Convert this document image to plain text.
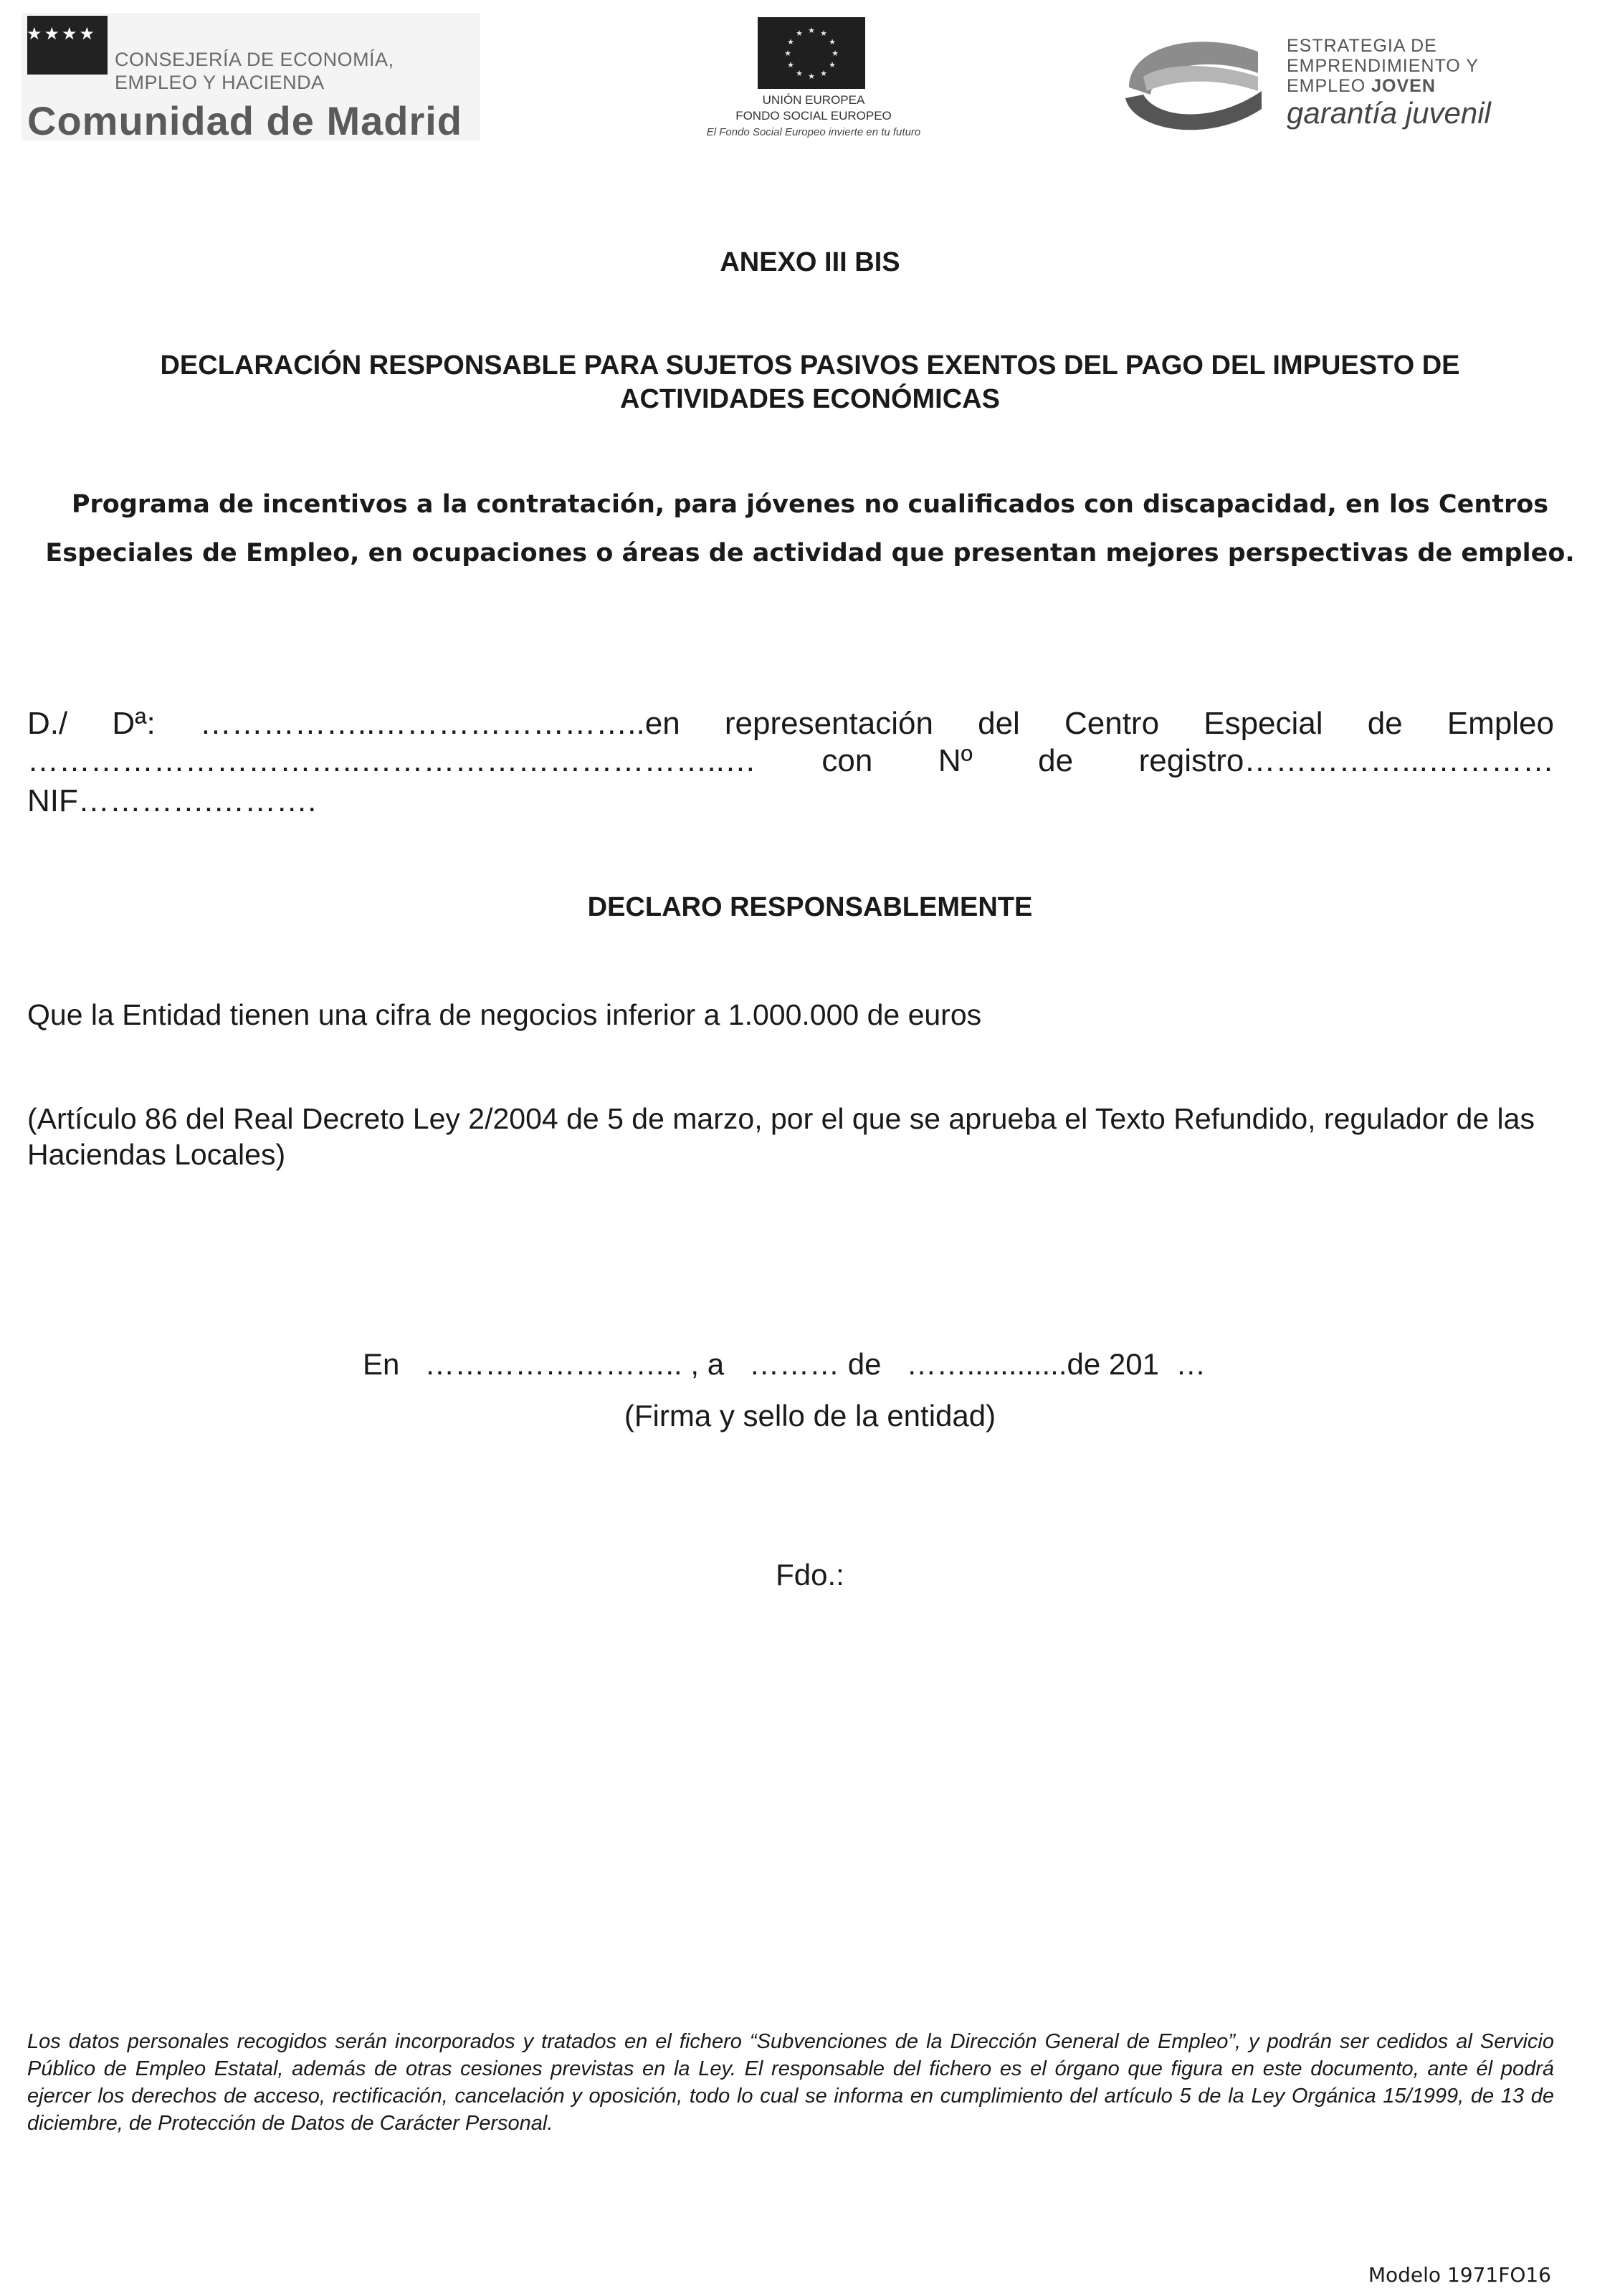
★★★★
CONSEJERÍA DE ECONOMÍA,
EMPLEO Y HACIENDA
Comunidad de Madrid
★ ★
★
★
★
★
★
★
★
★
★
★
UNIÓN EUROPEA
FONDO SOCIAL EUROPEO
El Fondo Social Europeo invierte en tu futuro
ESTRATEGIA DE
EMPRENDIMIENTO Y
EMPLEO JOVEN
garantía juvenil
ANEXO III BIS
DECLARACIÓN RESPONSABLE PARA SUJETOS PASIVOS EXENTOS DEL PAGO DEL IMPUESTO DE
ACTIVIDADES ECONÓMICAS
Programa de incentivos a la contratación, para jóvenes no cualificados con discapacidad, en los Centros
Especiales de Empleo, en ocupaciones o áreas de actividad que presentan mejores perspectivas de empleo.
D./ Dª: ……………..……………………..en representación del Centro Especial de Empleo
…………………………..……………………………..… con Nº de registro……………...…………
NIF………….……….
DECLARO RESPONSABLEMENTE
Que la Entidad tienen una cifra de negocios inferior a 1.000.000 de euros
(Artículo 86 del Real Decreto Ley 2/2004 de 5 de marzo, por el que se aprueba el Texto Refundido, regulador de las Haciendas Locales)
En   …………………….. , a   ……… de   ……............de 201  …
(Firma y sello de la entidad)
Fdo.:
Los datos personales recogidos serán incorporados y tratados en el fichero “Subvenciones de la Dirección General de Empleo”, y podrán ser cedidos al Servicio Público de Empleo Estatal, además de otras cesiones previstas en la Ley. El responsable del fichero es el órgano que figura en este documento, ante él podrá ejercer los derechos de acceso, rectificación, cancelación y oposición, todo lo cual se informa en cumplimiento del artículo 5 de la Ley Orgánica 15/1999, de 13 de diciembre, de Protección de Datos de Carácter Personal.
Modelo 1971FO16
